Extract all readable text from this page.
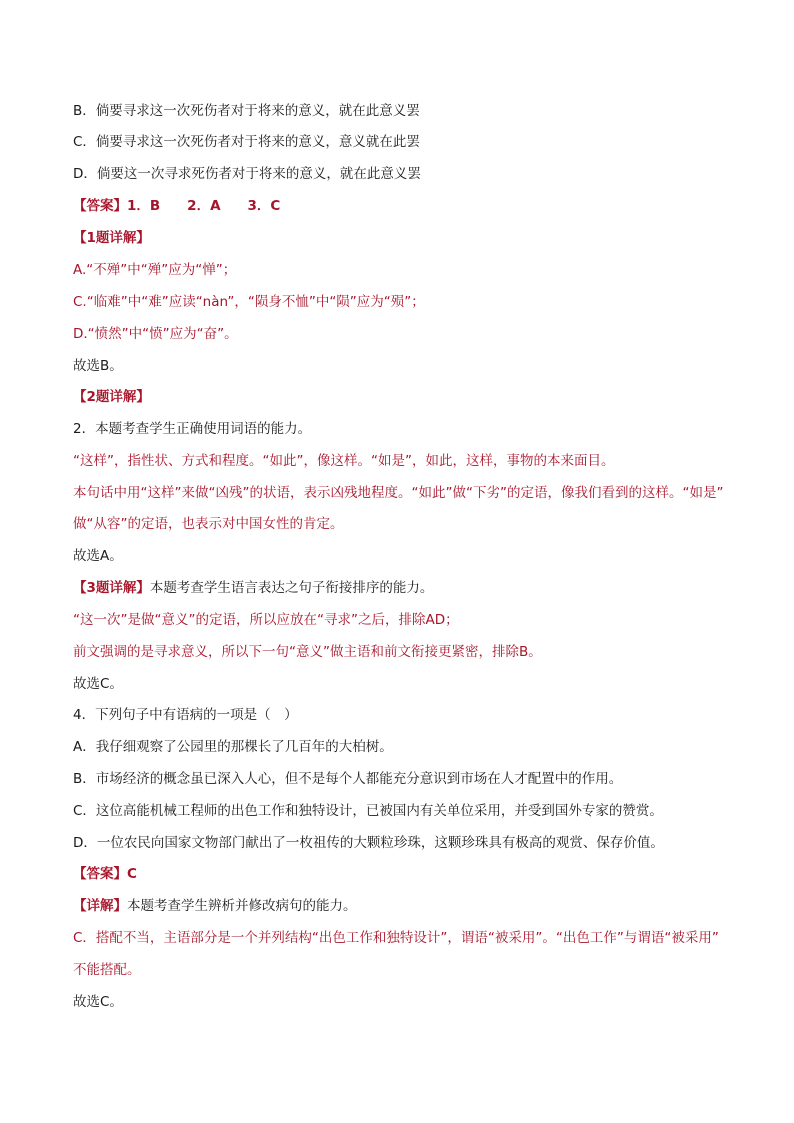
B．倘要寻求这一次死伤者对于将来的意义，就在此意义罢
C．倘要寻求这一次死伤者对于将来的意义，意义就在此罢
D．倘要这一次寻求死伤者对于将来的意义，就在此意义罢
【答案】1．B　　2．A　　3．C
【1题详解】
A.“不殚”中“殚”应为“惮”；
C.“临难”中“难”应读“nàn”，“陨身不恤”中“陨”应为“殒”；
D.“愤然”中“愤”应为“奋”。
故选B。
【2题详解】
2．本题考查学生正确使用词语的能力。
“这样”，指性状、方式和程度。“如此”，像这样。“如是”，如此，这样，事物的本来面目。
本句话中用“这样”来做“凶残”的状语，表示凶残地程度。“如此”做“下劣”的定语，像我们看到的这样。“如是”
做“从容”的定语，也表示对中国女性的肯定。
故选A。
【3题详解】本题考查学生语言表达之句子衔接排序的能力。
“这一次”是做“意义”的定语，所以应放在“寻求”之后，排除AD；
前文强调的是寻求意义，所以下一句“意义”做主语和前文衔接更紧密，排除B。
故选C。
4．下列句子中有语病的一项是（　）
A．我仔细观察了公园里的那棵长了几百年的大柏树。
B．市场经济的概念虽已深入人心，但不是每个人都能充分意识到市场在人才配置中的作用。
C．这位高能机械工程师的出色工作和独特设计，已被国内有关单位采用，并受到国外专家的赞赏。
D．一位农民向国家文物部门献出了一枚祖传的大颗粒珍珠，这颗珍珠具有极高的观赏、保存价值。
【答案】C
【详解】本题考查学生辨析并修改病句的能力。
C．搭配不当，主语部分是一个并列结构“出色工作和独特设计”，谓语“被采用”。“出色工作”与谓语“被采用”
不能搭配。
故选C。
